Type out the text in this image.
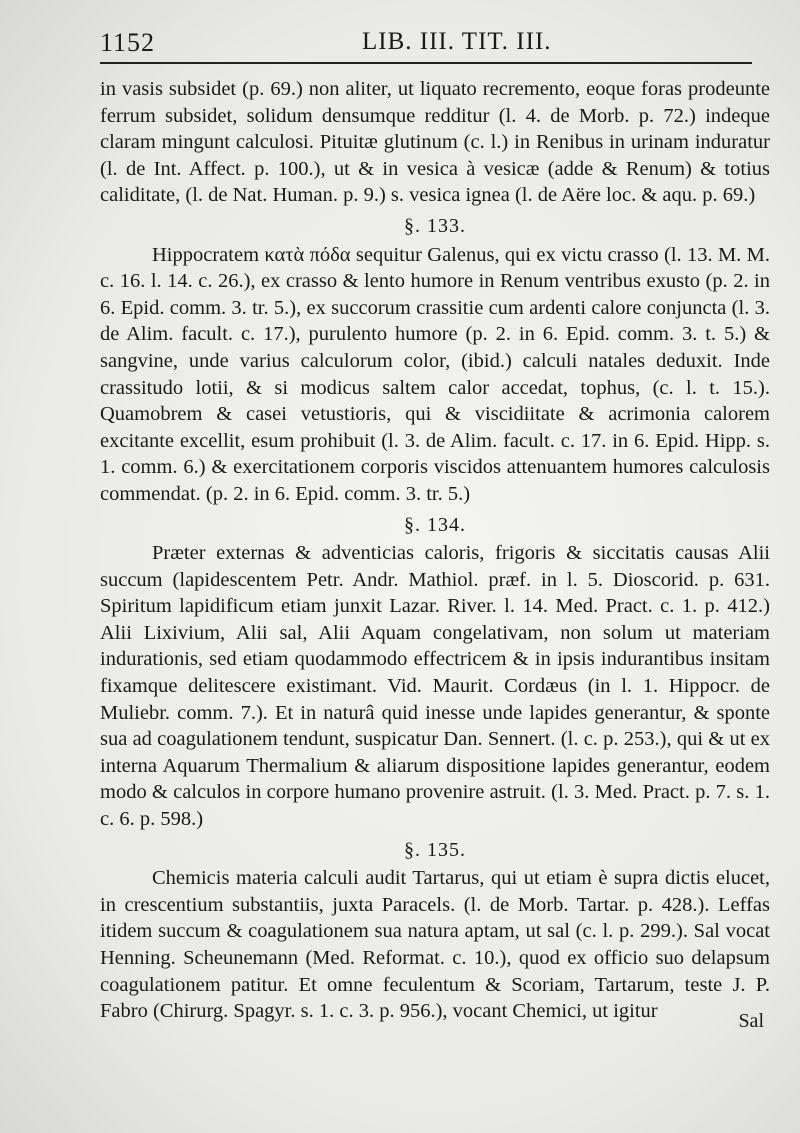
1152	LIB. III. TIT. III.

in vasis subsidet (p. 69.) non aliter, ut liquato recremento, eoque foras prodeunte ferrum subsidet, solidum densumque redditur (l. 4. de Morb. p. 72.) indeque claram mingunt calculosi. Pituitæ glutinum (c. l.) in Renibus in urinam induratur (l. de Int. Affect. p. 100.), ut & in vesica à vesicæ (adde & Renum) & totius caliditate, (l. de Nat. Human. p. 9.) s. vesica ignea (l. de Aëre loc. & aqu. p. 69.)

§. 133.

Hippocratem κατὰ πόδα sequitur Galenus, qui ex victu crasso (l. 13. M. M. c. 16. l. 14. c. 26.), ex crasso & lento humore in Renum ventribus exusto (p. 2. in 6. Epid. comm. 3. tr. 5.), ex succorum crassitie cum ardenti calore conjuncta (l. 3. de Alim. facult. c. 17.), purulento humore (p. 2. in 6. Epid. comm. 3. t. 5.) & sangvine, unde varius calculorum color, (ibid.) calculi natales deduxit. Inde crassitudo lotii, & si modicus saltem calor accedat, tophus, (c. l. t. 15.). Quamobrem & casei vetustioris, qui & viscidiitate & acrimonia calorem excitante excellit, esum prohibuit (l. 3. de Alim. facult. c. 17. in 6. Epid. Hipp. s. 1. comm. 6.) & exercitationem corporis viscidos attenuantem humores calculosis commendat. (p. 2. in 6. Epid. comm. 3. tr. 5.)

§. 134.

Præter externas & adventicias caloris, frigoris & siccitatis causas Alii succum (lapidescentem Petr. Andr. Mathiol. præf. in l. 5. Dioscorid. p. 631. Spiritum lapidificum etiam junxit Lazar. River. l. 14. Med. Pract. c. 1. p. 412.) Alii Lixivium, Alii sal, Alii Aquam congelativam, non solum ut materiam indurationis, sed etiam quodammodo effectricem & in ipsis indurantibus insitam fixamque delitescere existimant. Vid. Maurit. Cordæus (in l. 1. Hippocr. de Muliebr. comm. 7.). Et in naturâ quid inesse unde lapides generantur, & sponte sua ad coagulationem tendunt, suspicatur Dan. Sennert. (l. c. p. 253.), qui & ut ex interna Aquarum Thermalium & aliarum dispositione lapides generantur, eodem modo & calculos in corpore humano provenire astruit. (l. 3. Med. Pract. p. 7. s. 1. c. 6. p. 598.)

§. 135.

Chemicis materia calculi audit Tartarus, qui ut etiam è supra dictis elucet, in crescentium substantiis, juxta Paracels. (l. de Morb. Tartar. p. 428.). Leffas itidem succum & coagulationem sua natura aptam, ut sal (c. l. p. 299.). Sal vocat Henning. Scheunemann (Med. Reformat. c. 10.), quod ex officio suo delapsum coagulationem patitur. Et omne feculentum & Scoriam, Tartarum, teste J. P. Fabro (Chirurg. Spagyr. s. 1. c. 3. p. 956.), vocant Chemici, ut igitur	Sal
